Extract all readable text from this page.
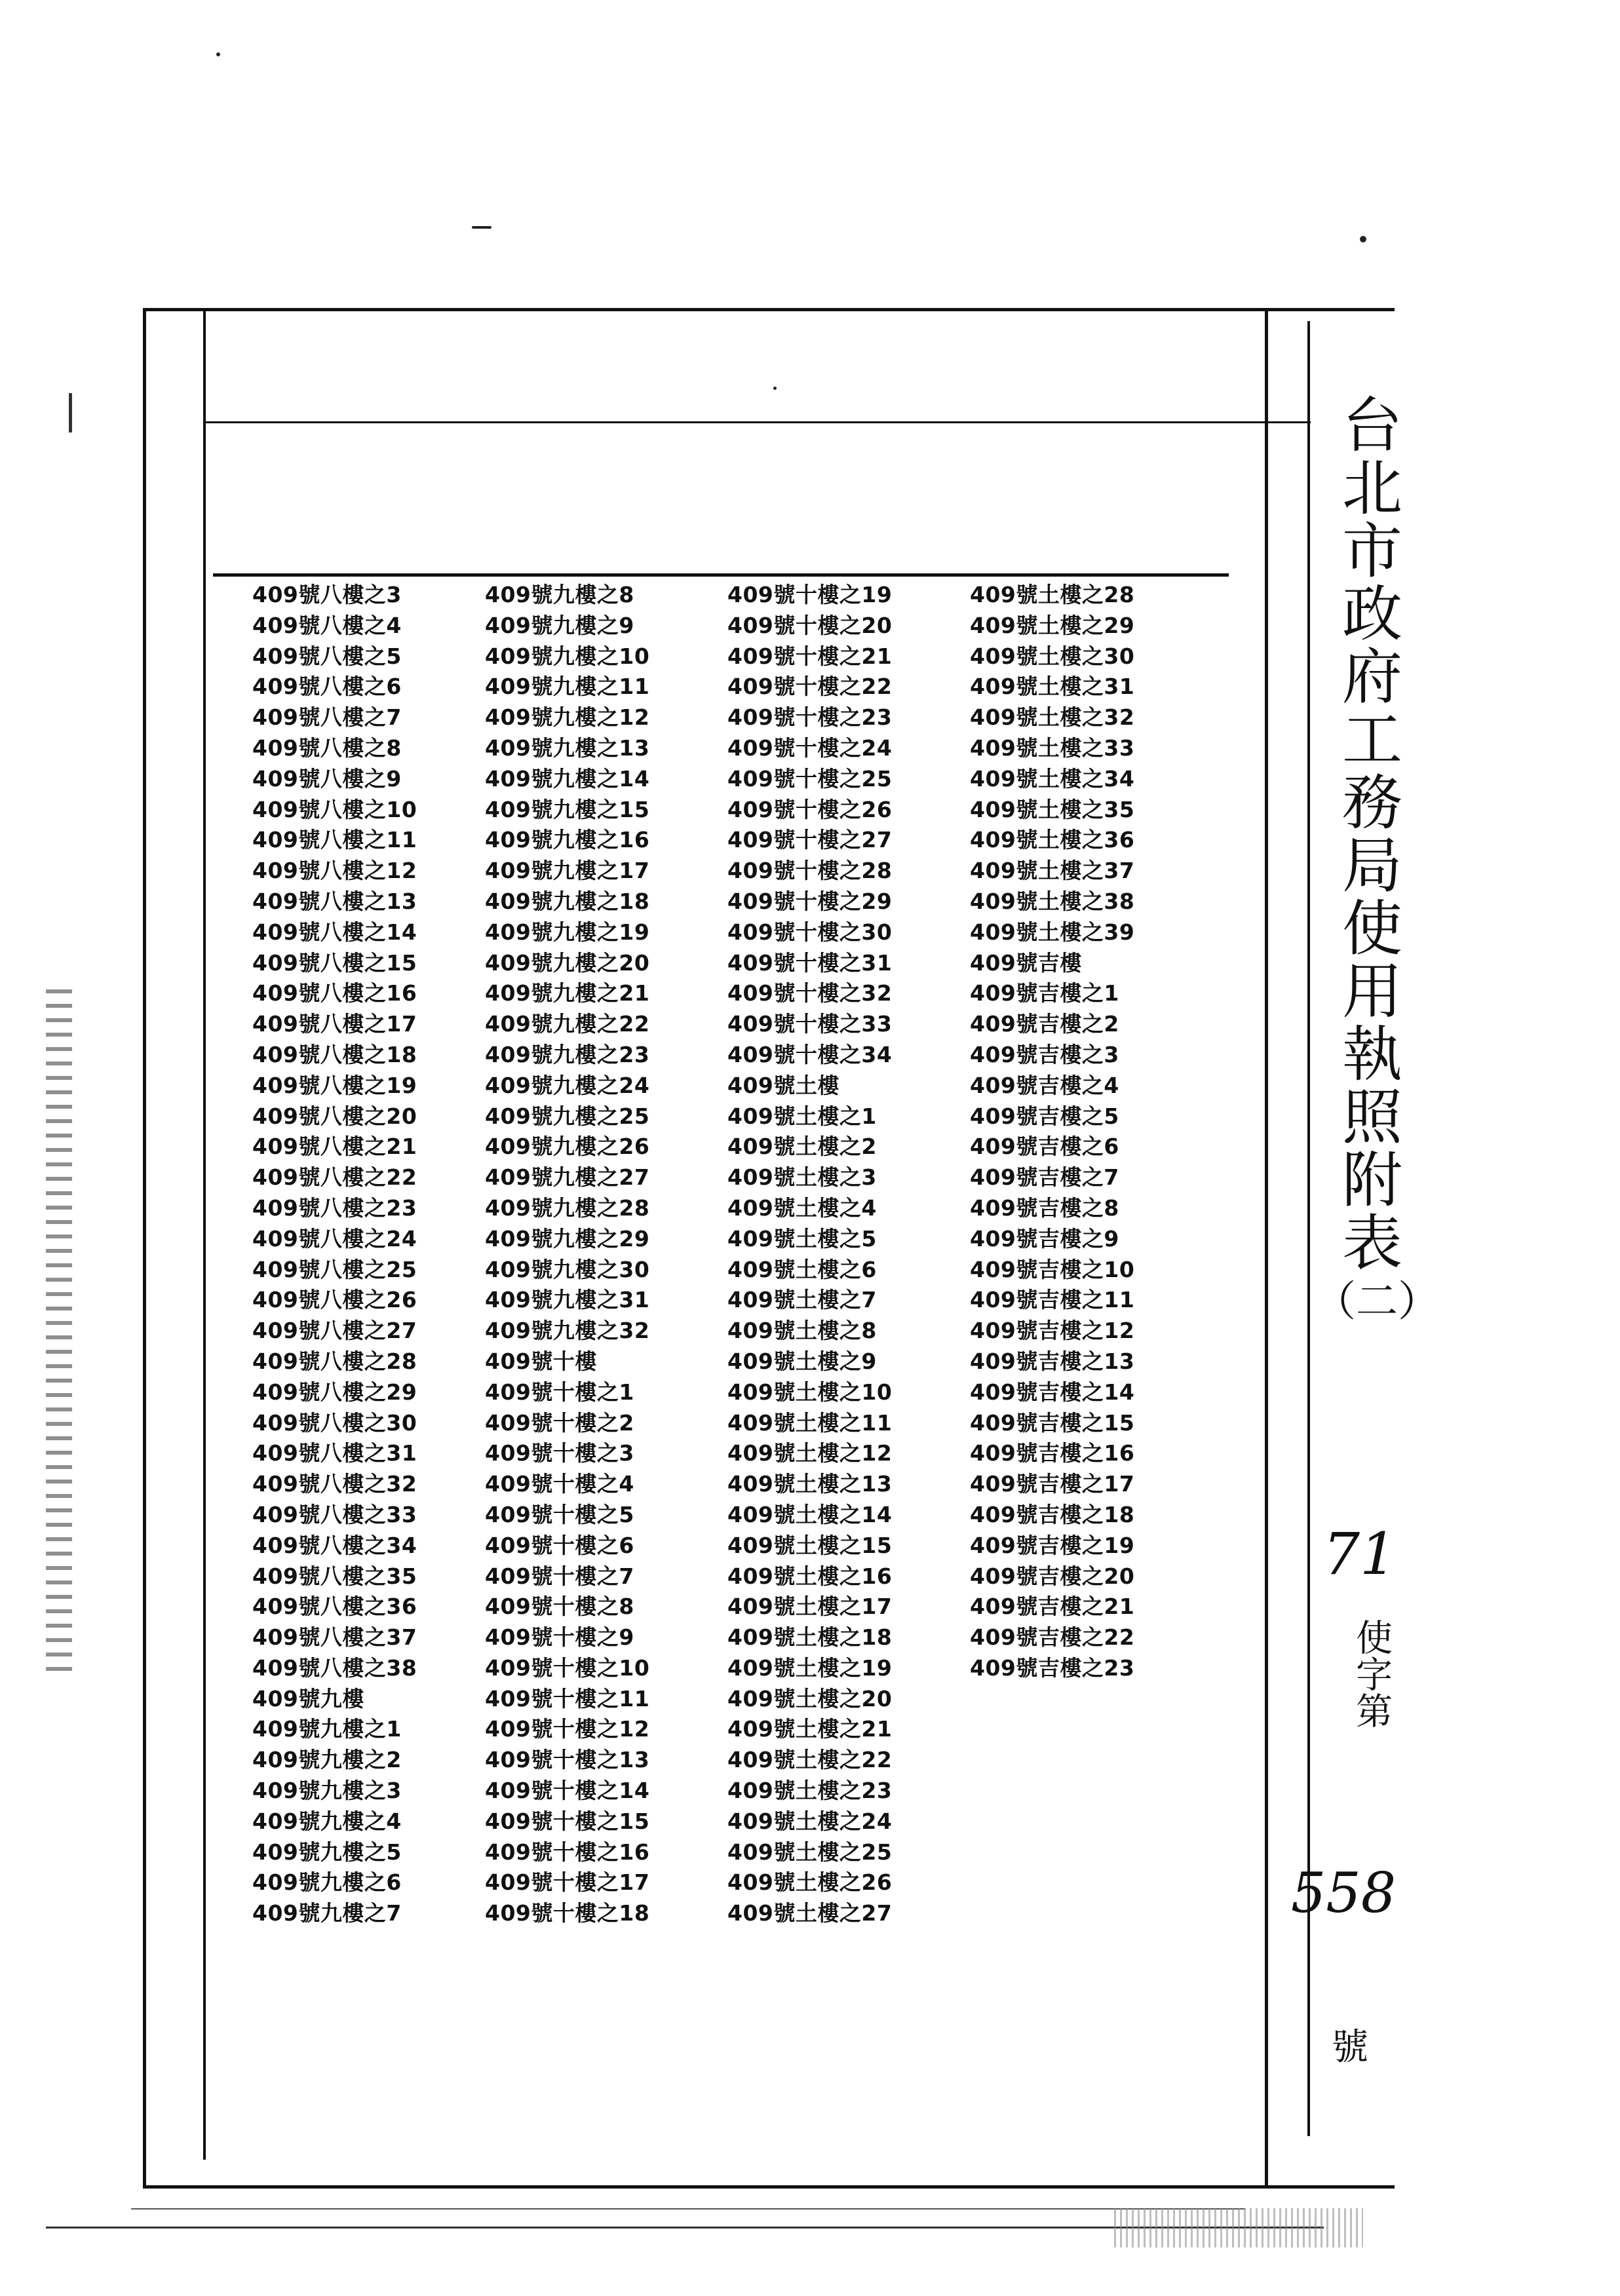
409號八樓之3
409號八樓之4
409號八樓之5
409號八樓之6
409號八樓之7
409號八樓之8
409號八樓之9
409號八樓之10
409號八樓之11
409號八樓之12
409號八樓之13
409號八樓之14
409號八樓之15
409號八樓之16
409號八樓之17
409號八樓之18
409號八樓之19
409號八樓之20
409號八樓之21
409號八樓之22
409號八樓之23
409號八樓之24
409號八樓之25
409號八樓之26
409號八樓之27
409號八樓之28
409號八樓之29
409號八樓之30
409號八樓之31
409號八樓之32
409號八樓之33
409號八樓之34
409號八樓之35
409號八樓之36
409號八樓之37
409號八樓之38
409號九樓
409號九樓之1
409號九樓之2
409號九樓之3
409號九樓之4
409號九樓之5
409號九樓之6
409號九樓之7
409號九樓之8
409號九樓之9
409號九樓之10
409號九樓之11
409號九樓之12
409號九樓之13
409號九樓之14
409號九樓之15
409號九樓之16
409號九樓之17
409號九樓之18
409號九樓之19
409號九樓之20
409號九樓之21
409號九樓之22
409號九樓之23
409號九樓之24
409號九樓之25
409號九樓之26
409號九樓之27
409號九樓之28
409號九樓之29
409號九樓之30
409號九樓之31
409號九樓之32
409號十樓
409號十樓之1
409號十樓之2
409號十樓之3
409號十樓之4
409號十樓之5
409號十樓之6
409號十樓之7
409號十樓之8
409號十樓之9
409號十樓之10
409號十樓之11
409號十樓之12
409號十樓之13
409號十樓之14
409號十樓之15
409號十樓之16
409號十樓之17
409號十樓之18
409號十樓之19
409號十樓之20
409號十樓之21
409號十樓之22
409號十樓之23
409號十樓之24
409號十樓之25
409號十樓之26
409號十樓之27
409號十樓之28
409號十樓之29
409號十樓之30
409號十樓之31
409號十樓之32
409號十樓之33
409號十樓之34
409號土樓
409號土樓之1
409號土樓之2
409號土樓之3
409號土樓之4
409號土樓之5
409號土樓之6
409號土樓之7
409號土樓之8
409號土樓之9
409號土樓之10
409號土樓之11
409號土樓之12
409號土樓之13
409號土樓之14
409號土樓之15
409號土樓之16
409號土樓之17
409號土樓之18
409號土樓之19
409號土樓之20
409號土樓之21
409號土樓之22
409號土樓之23
409號土樓之24
409號土樓之25
409號土樓之26
409號土樓之27
409號土樓之28
409號土樓之29
409號土樓之30
409號土樓之31
409號土樓之32
409號土樓之33
409號土樓之34
409號土樓之35
409號土樓之36
409號土樓之37
409號土樓之38
409號土樓之39
409號吉樓
409號吉樓之1
409號吉樓之2
409號吉樓之3
409號吉樓之4
409號吉樓之5
409號吉樓之6
409號吉樓之7
409號吉樓之8
409號吉樓之9
409號吉樓之10
409號吉樓之11
409號吉樓之12
409號吉樓之13
409號吉樓之14
409號吉樓之15
409號吉樓之16
409號吉樓之17
409號吉樓之18
409號吉樓之19
409號吉樓之20
409號吉樓之21
409號吉樓之22
409號吉樓之23
台北市政府工務局使用執照附表
（二）
71
使字第
558
號
